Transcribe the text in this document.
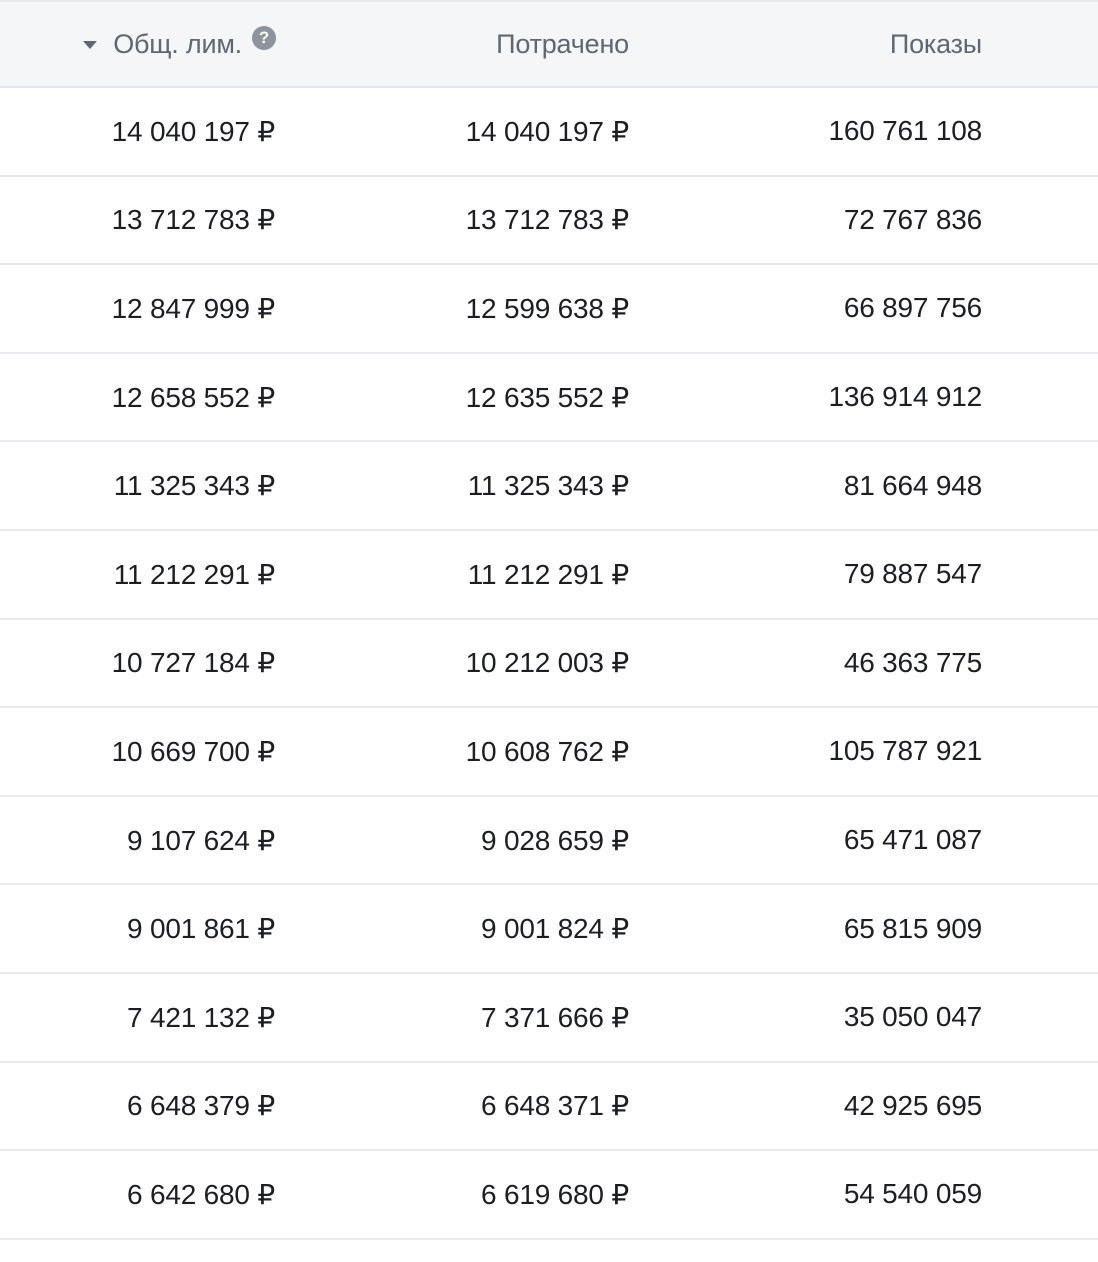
Общ. лим. ?	Потрачено	Показы
14 040 197 ₽	14 040 197 ₽	160 761 108
13 712 783 ₽	13 712 783 ₽	72 767 836
12 847 999 ₽	12 599 638 ₽	66 897 756
12 658 552 ₽	12 635 552 ₽	136 914 912
11 325 343 ₽	11 325 343 ₽	81 664 948
11 212 291 ₽	11 212 291 ₽	79 887 547
10 727 184 ₽	10 212 003 ₽	46 363 775
10 669 700 ₽	10 608 762 ₽	105 787 921
9 107 624 ₽	9 028 659 ₽	65 471 087
9 001 861 ₽	9 001 824 ₽	65 815 909
7 421 132 ₽	7 371 666 ₽	35 050 047
6 648 379 ₽	6 648 371 ₽	42 925 695
6 642 680 ₽	6 619 680 ₽	54 540 059
